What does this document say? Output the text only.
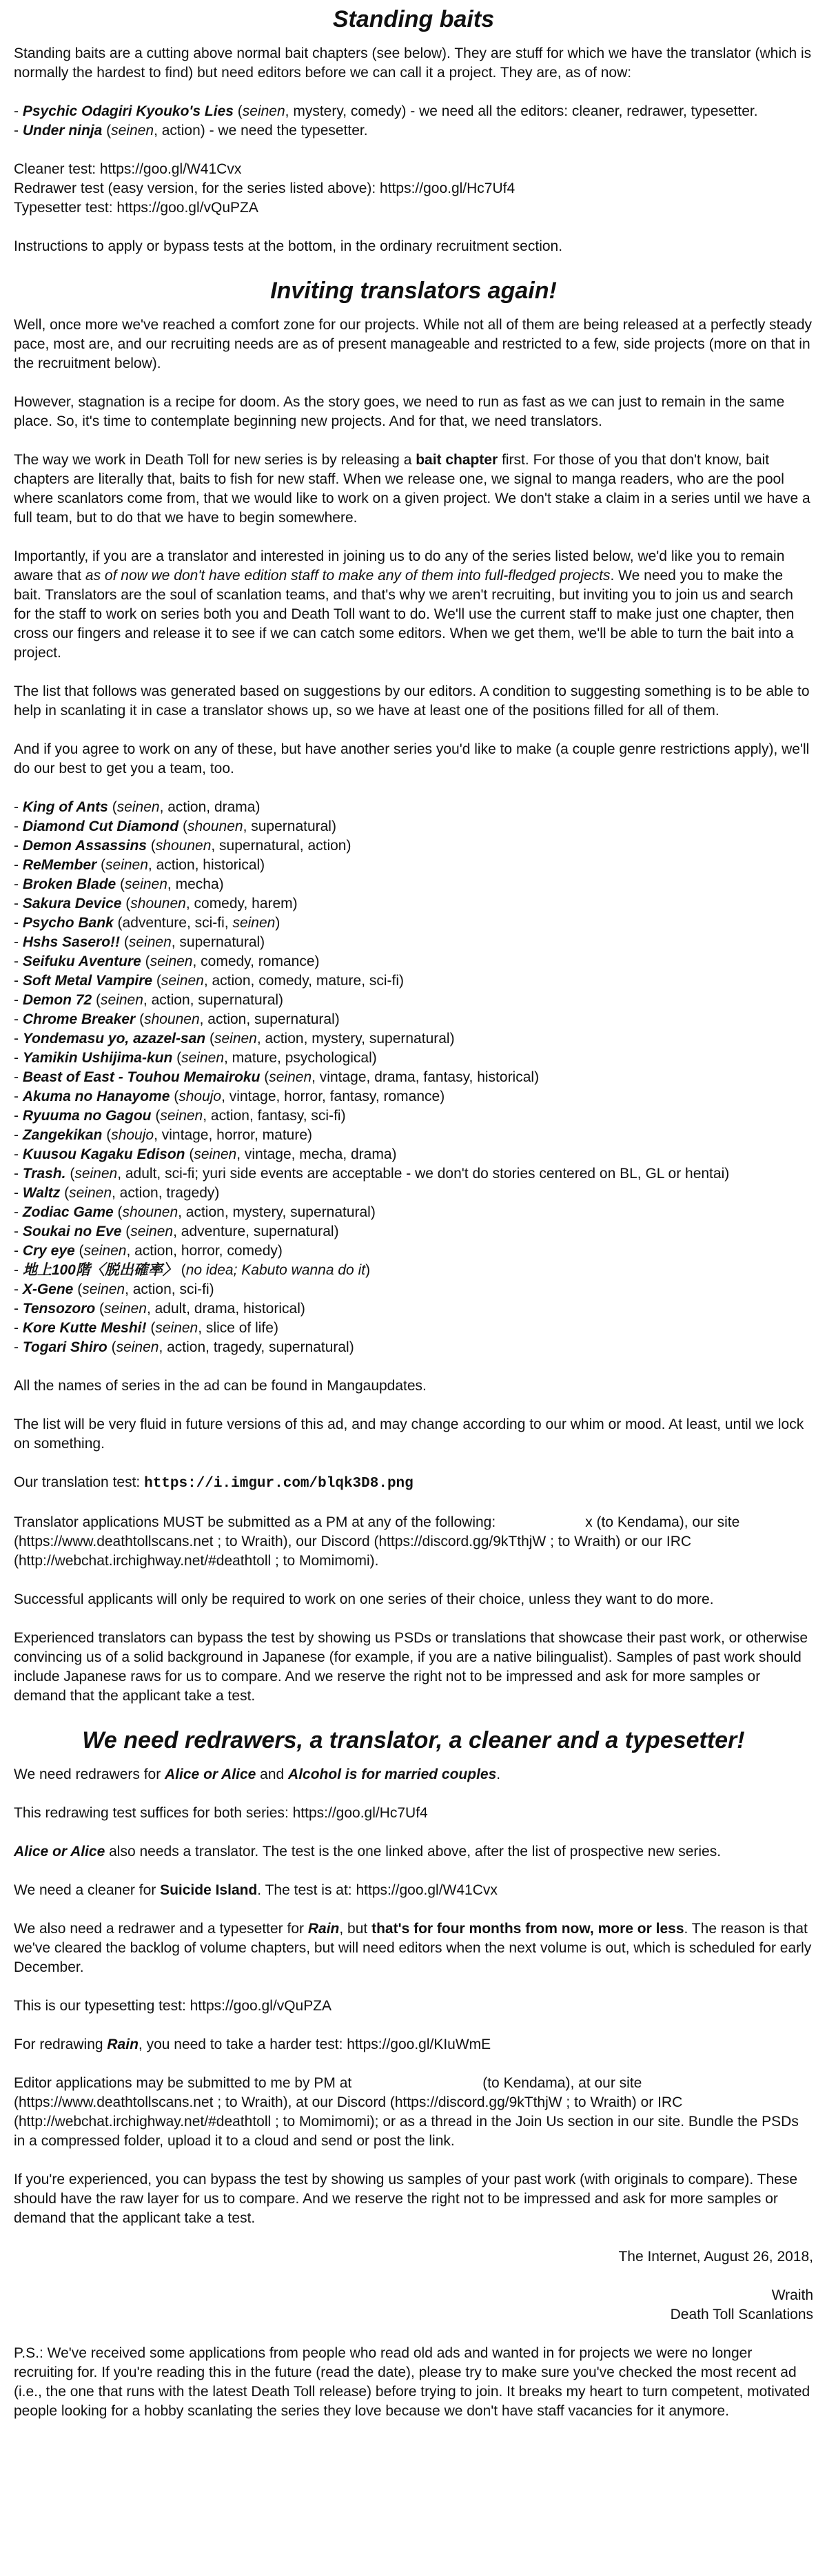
Standing baits

Standing baits are a cutting above normal bait chapters (see below). They are stuff for which we have the translator (which is normally the hardest to find) but need editors before we can call it a project. They are, as of now:

- Psychic Odagiri Kyouko's Lies (seinen, mystery, comedy) - we need all the editors: cleaner, redrawer, typesetter.
- Under ninja (seinen, action) - we need the typesetter.
Cleaner test: https://goo.gl/W41Cvx
Redrawer test (easy version, for the series listed above): https://goo.gl/Hc7Uf4
Typesetter test: https://goo.gl/vQuPZA

Instructions to apply or bypass tests at the bottom, in the ordinary recruitment section.

Inviting translators again!

Well, once more we've reached a comfort zone for our projects. While not all of them are being released at a perfectly steady pace, most are, and our recruiting needs are as of present manageable and restricted to a few, side projects (more on that in the recruitment below).

However, stagnation is a recipe for doom. As the story goes, we need to run as fast as we can just to remain in the same place. So, it's time to contemplate beginning new projects. And for that, we need translators.

The way we work in Death Toll for new series is by releasing a bait chapter first. For those of you that don't know, bait chapters are literally that, baits to fish for new staff. When we release one, we signal to manga readers, who are the pool where scanlators come from, that we would like to work on a given project. We don't stake a claim in a series until we have a full team, but to do that we have to begin somewhere.

Importantly, if you are a translator and interested in joining us to do any of the series listed below, we'd like you to remain aware that as of now we don't have edition staff to make any of them into full-fledged projects. We need you to make the bait. Translators are the soul of scanlation teams, and that's why we aren't recruiting, but inviting you to join us and search for the staff to work on series both you and Death Toll want to do. We'll use the current staff to make just one chapter, then cross our fingers and release it to see if we can catch some editors. When we get them, we'll be able to turn the bait into a project.

The list that follows was generated based on suggestions by our editors. A condition to suggesting something is to be able to help in scanlating it in case a translator shows up, so we have at least one of the positions filled for all of them.

And if you agree to work on any of these, but have another series you'd like to make (a couple genre restrictions apply), we'll do our best to get you a team, too.

- King of Ants (seinen, action, drama)
- Diamond Cut Diamond (shounen, supernatural)
- Demon Assassins (shounen, supernatural, action)
- ReMember (seinen, action, historical)
- Broken Blade (seinen, mecha)
- Sakura Device (shounen, comedy, harem)
- Psycho Bank (adventure, sci-fi, seinen)
- Hshs Sasero!! (seinen, supernatural)
- Seifuku Aventure (seinen, comedy, romance)
- Soft Metal Vampire (seinen, action, comedy, mature, sci-fi)
- Demon 72 (seinen, action, supernatural)
- Chrome Breaker (shounen, action, supernatural)
- Yondemasu yo, azazel-san (seinen, action, mystery, supernatural)
- Yamikin Ushijima-kun (seinen, mature, psychological)
- Beast of East - Touhou Memairoku (seinen, vintage, drama, fantasy, historical)
- Akuma no Hanayome (shoujo, vintage, horror, fantasy, romance)
- Ryuuma no Gagou (seinen, action, fantasy, sci-fi)
- Zangekikan (shoujo, vintage, horror, mature)
- Kuusou Kagaku Edison (seinen, vintage, mecha, drama)
- Trash. (seinen, adult, sci-fi; yuri side events are acceptable - we don't do stories centered on BL, GL or hentai)
- Waltz (seinen, action, tragedy)
- Zodiac Game (shounen, action, mystery, supernatural)
- Soukai no Eve (seinen, adventure, supernatural)
- Cry eye (seinen, action, horror, comedy)
- 地上100階〈脱出確率〉 (no idea; Kabuto wanna do it)
- X-Gene (seinen, action, sci-fi)
- Tensozoro (seinen, adult, drama, historical)
- Kore Kutte Meshi! (seinen, slice of life)
- Togari Shiro (seinen, action, tragedy, supernatural)

All the names of series in the ad can be found in Mangaupdates.

The list will be very fluid in future versions of this ad, and may change according to our whim or mood. At least, until we lock on something.

Our translation test: https://i.imgur.com/blqk3D8.png

Translator applications MUST be submitted as a PM at any of the following:	x (to Kendama), our site (https://www.deathtollscans.net ; to Wraith), our Discord (https://discord.gg/9kTthjW ; to Wraith) or our IRC (http://webchat.irchighway.net/#deathtoll ; to Momimomi).

Successful applicants will only be required to work on one series of their choice, unless they want to do more.

Experienced translators can bypass the test by showing us PSDs or translations that showcase their past work, or otherwise convincing us of a solid background in Japanese (for example, if you are a native bilingualist). Samples of past work should include Japanese raws for us to compare. And we reserve the right not to be impressed and ask for more samples or demand that the applicant take a test.

We need redrawers, a translator, a cleaner and a typesetter!

We need redrawers for Alice or Alice and Alcohol is for married couples.

This redrawing test suffices for both series: https://goo.gl/Hc7Uf4

Alice or Alice also needs a translator. The test is the one linked above, after the list of prospective new series.

We need a cleaner for Suicide Island. The test is at: https://goo.gl/W41Cvx

We also need a redrawer and a typesetter for Rain, but that's for four months from now, more or less. The reason is that we've cleared the backlog of volume chapters, but will need editors when the next volume is out, which is scheduled for early December.

This is our typesetting test: https://goo.gl/vQuPZA

For redrawing Rain, you need to take a harder test: https://goo.gl/KIuWmE

Editor applications may be submitted to me by PM at	(to Kendama), at our site (https://www.deathtollscans.net ; to Wraith), at our Discord (https://discord.gg/9kTthjW ; to Wraith) or IRC (http://webchat.irchighway.net/#deathtoll ; to Momimomi); or as a thread in the Join Us section in our site. Bundle the PSDs in a compressed folder, upload it to a cloud and send or post the link.

If you're experienced, you can bypass the test by showing us samples of your past work (with originals to compare). These should have the raw layer for us to compare. And we reserve the right not to be impressed and ask for more samples or demand that the applicant take a test.

The Internet, August 26, 2018,

Wraith

Death Toll Scanlations

P.S.: We've received some applications from people who read old ads and wanted in for projects we were no longer recruiting for. If you're reading this in the future (read the date), please try to make sure you've checked the most recent ad (i.e., the one that runs with the latest Death Toll release) before trying to join. It breaks my heart to turn competent, motivated people looking for a hobby scanlating the series they love because we don't have staff vacancies for it anymore.
